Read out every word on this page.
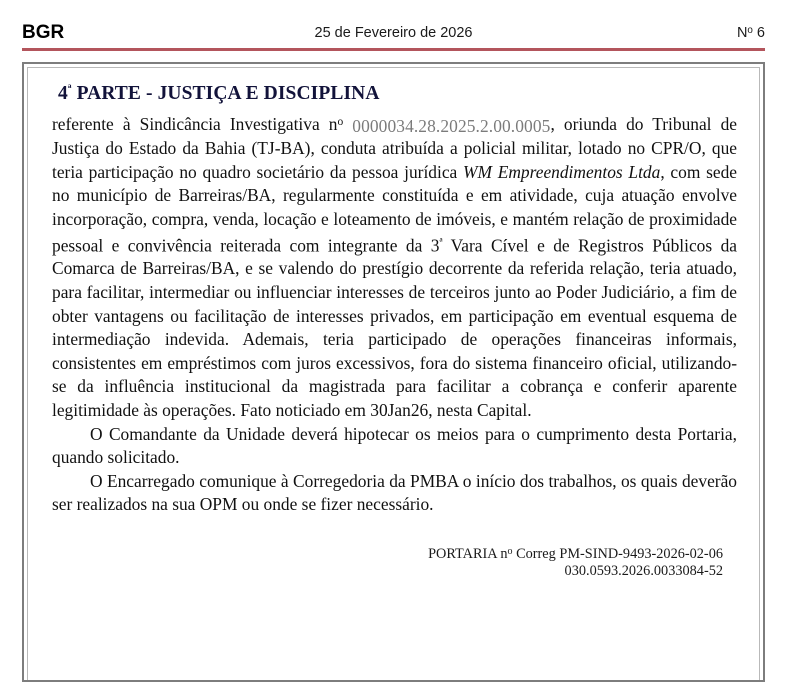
BGR	25 de Fevereiro de 2026	$N^o$ 6
$4^ª$ PARTE - JUSTIÇA E DISCIPLINA

referente à Sindicância Investigativa $n^o$ 0000034.28.2025.2.00.0005, oriunda do Tribunal de Justiça do Estado da Bahia (TJ-BA), conduta atribuída a policial militar, lotado no CPR/O, que teria participação no quadro societário da pessoa jurídica WM Empreendimentos Ltda, com sede no município de Barreiras/BA, regularmente constituída e em atividade, cuja atuação envolve incorporação, compra, venda, locação e loteamento de imóveis, e mantém relação de proximidade pessoal e convivência reiterada com integrante da $3^ª$ Vara Cível e de Registros Públicos da Comarca de Barreiras/BA, e se valendo do prestígio decorrente da referida relação, teria atuado, para facilitar, intermediar ou influenciar interesses de terceiros junto ao Poder Judiciário, a fim de obter vantagens ou facilitação de interesses privados, em participação em eventual esquema de intermediação indevida. Ademais, teria participado de operações financeiras informais, consistentes em empréstimos com juros excessivos, fora do sistema financeiro oficial, utilizando-se da influência institucional da magistrada para facilitar a cobrança e conferir aparente legitimidade às operações. Fato noticiado em 30Jan26, nesta Capital.

O Comandante da Unidade deverá hipotecar os meios para o cumprimento desta Portaria, quando solicitado.

O Encarregado comunique à Corregedoria da PMBA o início dos trabalhos, os quais deverão ser realizados na sua OPM ou onde se fizer necessário.

PORTARIA $n^o$ Correg PM-SIND-9493-2026-02-06
030.0593.2026.0033084-52
